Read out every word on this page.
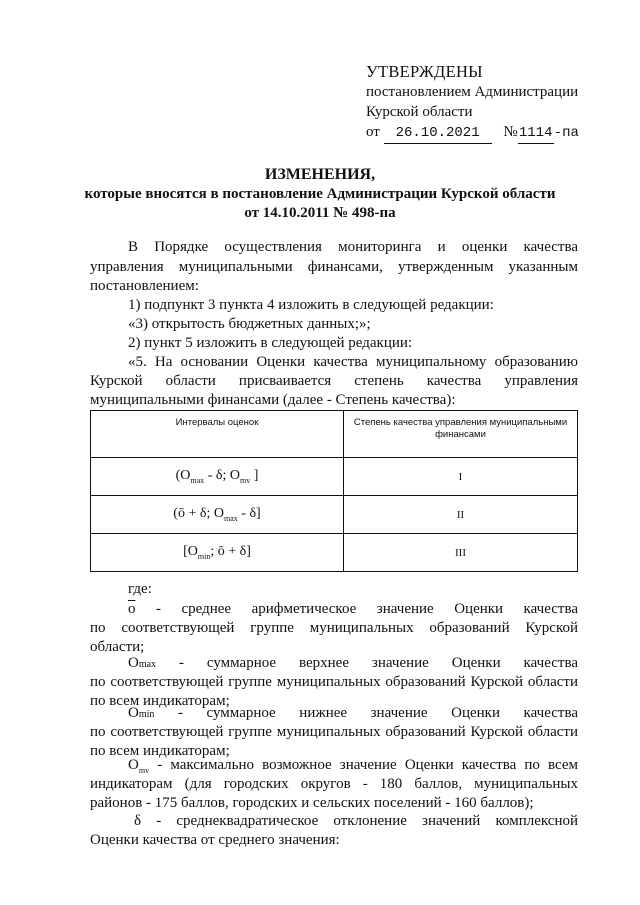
УТВЕРЖДЕНЫ
постановлением Администрации
Курской области
от 26.10.2021 №1114-па
ИЗМЕНЕНИЯ,
которые вносятся в постановление Администрации Курской области
от 14.10.2011 № 498-па
В Порядке осуществления мониторинга и оценки качества
управления муниципальными финансами, утвержденным указанным
постановлением:
1) подпункт 3 пункта 4 изложить в следующей редакции:
«3) открытость бюджетных данных;»;
2) пункт 5 изложить в следующей редакции:
«5. На основании Оценки качества муниципальному образованию
Курской области присваивается степень качества управления
муниципальными финансами (далее - Степень качества):
Интервалы оценок	Степень качества управления муниципальными финансами
($O_{max}$ - δ; $O_{mv}$ ]	I
(ō + δ; $O_{max} - \delta$]	II
[$O_{min}$; ō + δ]	III
где:
$\overline{o}$ - среднее арифметическое значение Оценки качества
по соответствующей группе муниципальных образований Курской
области;
Omax - суммарное верхнее значение Оценки качества
по соответствующей группе муниципальных образований Курской области
по всем индикаторам;
Omin - суммарное нижнее значение Оценки качества
по соответствующей группе муниципальных образований Курской области
по всем индикаторам;
$O_{mv}$ - максимально возможное значение Оценки качества по всем
индикаторам (для городских округов - 180 баллов, муниципальных
районов - 175 баллов, городских и сельских поселений - 160 баллов);
δ - среднеквадратическое отклонение значений комплексной
Оценки качества от среднего значения:
